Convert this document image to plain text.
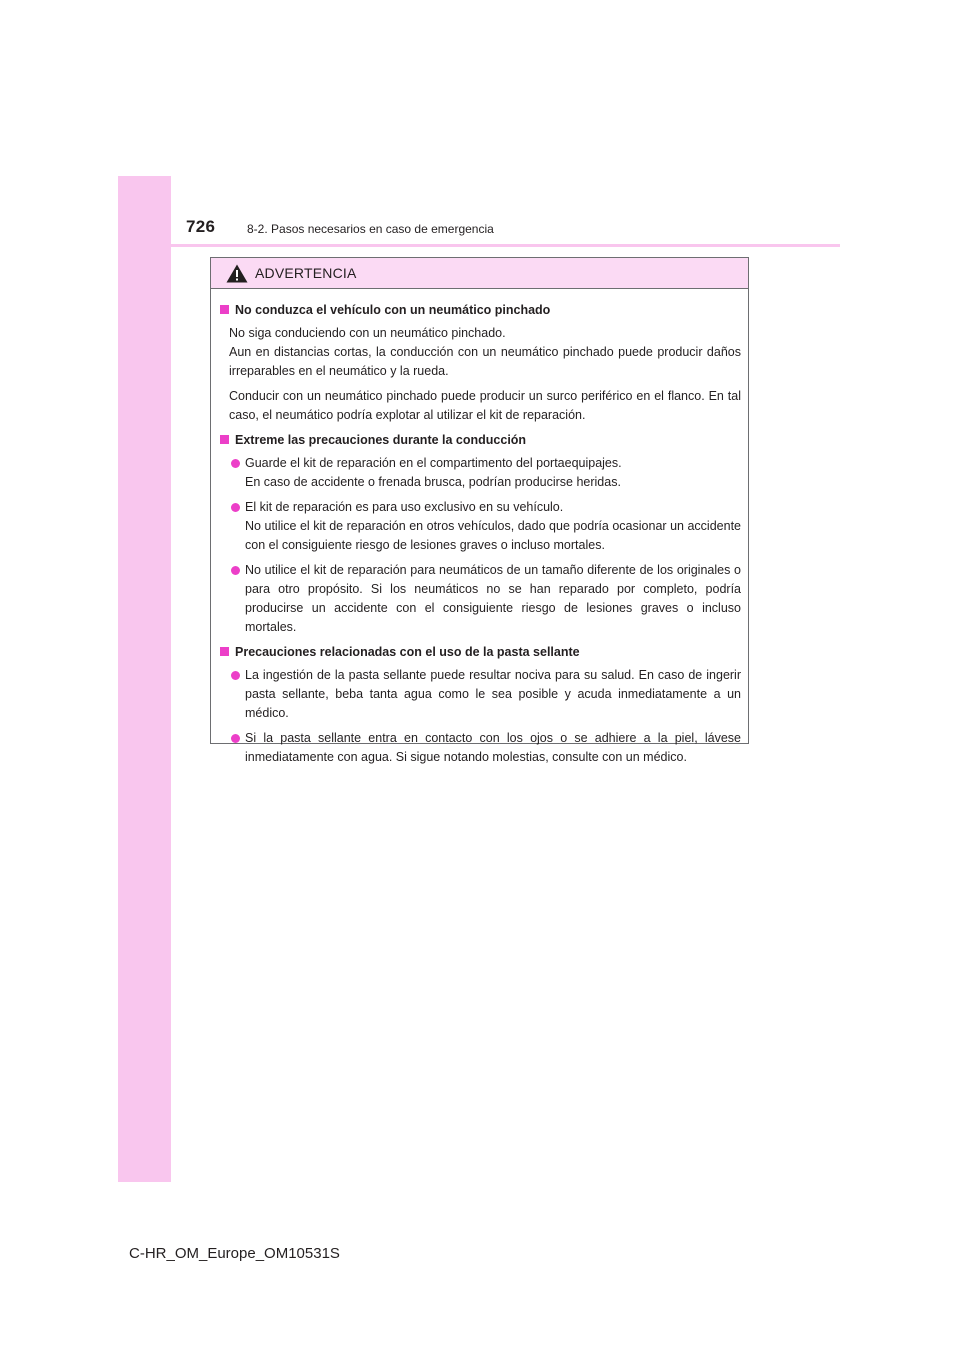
726	8-2. Pasos necesarios en caso de emergencia
ADVERTENCIA
No conduzca el vehículo con un neumático pinchado
No siga conduciendo con un neumático pinchado.
Aun en distancias cortas, la conducción con un neumático pinchado puede producir daños irreparables en el neumático y la rueda.
Conducir con un neumático pinchado puede producir un surco periférico en el flanco. En tal caso, el neumático podría explotar al utilizar el kit de reparación.
Extreme las precauciones durante la conducción
Guarde el kit de reparación en el compartimento del portaequipajes.
En caso de accidente o frenada brusca, podrían producirse heridas.
El kit de reparación es para uso exclusivo en su vehículo.
No utilice el kit de reparación en otros vehículos, dado que podría ocasionar un accidente con el consiguiente riesgo de lesiones graves o incluso mortales.
No utilice el kit de reparación para neumáticos de un tamaño diferente de los originales o para otro propósito. Si los neumáticos no se han reparado por completo, podría producirse un accidente con el consiguiente riesgo de lesiones graves o incluso mortales.
Precauciones relacionadas con el uso de la pasta sellante
La ingestión de la pasta sellante puede resultar nociva para su salud. En caso de ingerir pasta sellante, beba tanta agua como le sea posible y acuda inmediatamente a un médico.
Si la pasta sellante entra en contacto con los ojos o se adhiere a la piel, lávese inmediatamente con agua. Si sigue notando molestias, consulte con un médico.
C-HR_OM_Europe_OM10531S
